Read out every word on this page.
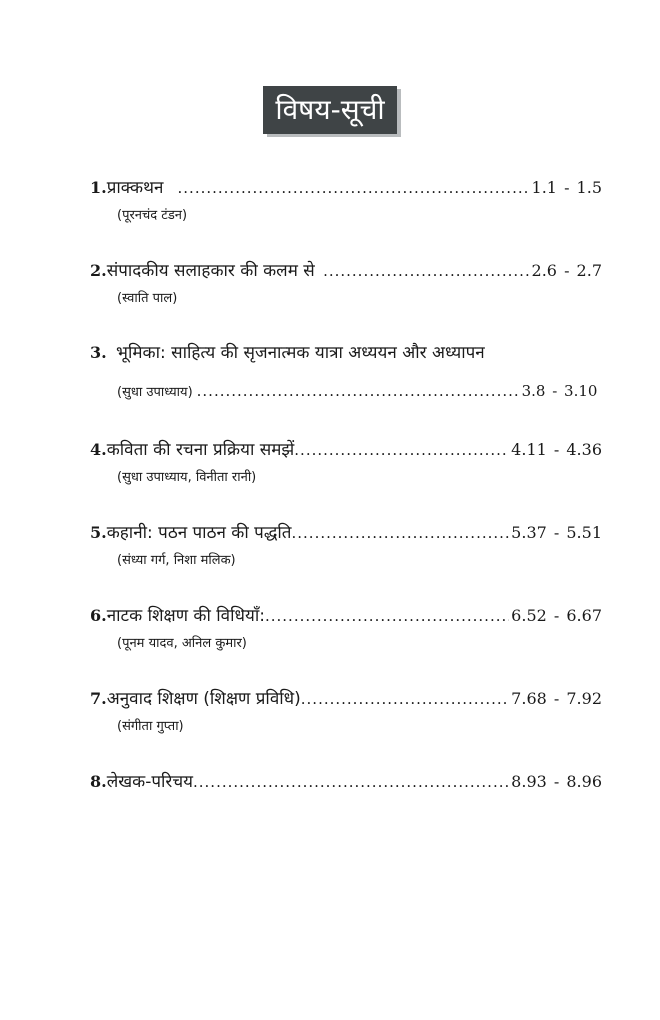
विषय-सूची
1. प्राक्कथन .....	1.1 - 1.5
(पूरनचंद टंडन)
2. संपादकीय सलाहकार की कलम से .....	2.6 - 2.7
(स्वाति पाल)
3. भूमिका: साहित्य की सृजनात्मक यात्रा अध्ययन और अध्यापन
(सुधा उपाध्याय) .....	3.8 - 3.10
4. कविता की रचना प्रक्रिया समझें .....	4.11 - 4.36
(सुधा उपाध्याय, विनीता रानी)
5. कहानी: पठन पाठन की पद्धति .....	5.37 - 5.51
(संध्या गर्ग, निशा मलिक)
6. नाटक शिक्षण की विधियाँ: .....	6.52 - 6.67
(पूनम यादव, अनिल कुमार)
7. अनुवाद शिक्षण (शिक्षण प्रविधि) .....	7.68 - 7.92
(संगीता गुप्ता)
8. लेखक-परिचय .....	8.93 - 8.96
